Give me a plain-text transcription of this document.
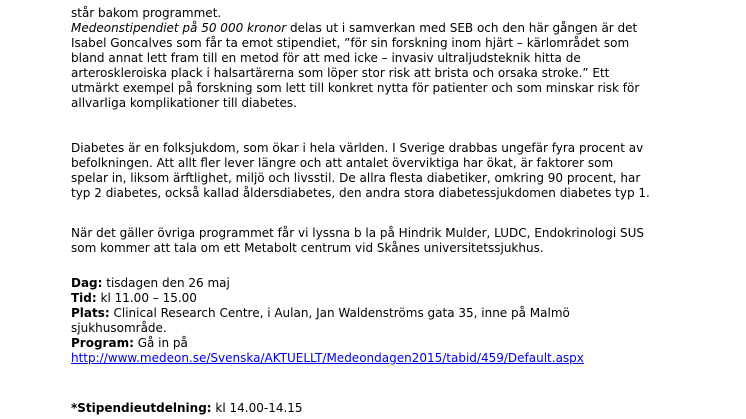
står bakom programmet.
Medeonstipendiet på 50 000 kronor delas ut i samverkan med SEB och den här gången är det
Isabel Goncalves som får ta emot stipendiet, ”för sin forskning inom hjärt – kärlområdet som
bland annat lett fram till en metod för att med icke – invasiv ultraljudsteknik hitta de
arteroskleroiska plack i halsartärerna som löper stor risk att brista och orsaka stroke.” Ett
utmärkt exempel på forskning som lett till konkret nytta för patienter och som minskar risk för
allvarliga komplikationer till diabetes.
Diabetes är en folksjukdom, som ökar i hela världen. I Sverige drabbas ungefär fyra procent av
befolkningen. Att allt fler lever längre och att antalet överviktiga har ökat, är faktorer som
spelar in, liksom ärftlighet, miljö och livsstil. De allra flesta diabetiker, omkring 90 procent, har
typ 2 diabetes, också kallad åldersdiabetes, den andra stora diabetessjukdomen diabetes typ 1.
När det gäller övriga programmet får vi lyssna b la på Hindrik Mulder, LUDC, Endokrinologi SUS
som kommer att tala om ett Metabolt centrum vid Skånes universitetssjukhus.
Dag: tisdagen den 26 maj
Tid: kl 11.00 – 15.00
Plats: Clinical Research Centre, i Aulan, Jan Waldenströms gata 35, inne på Malmö
sjukhusområde.
Program: Gå in på
http://www.medeon.se/Svenska/AKTUELLT/Medeondagen2015/tabid/459/Default.aspx
*Stipendieutdelning: kl 14.00-14.15
